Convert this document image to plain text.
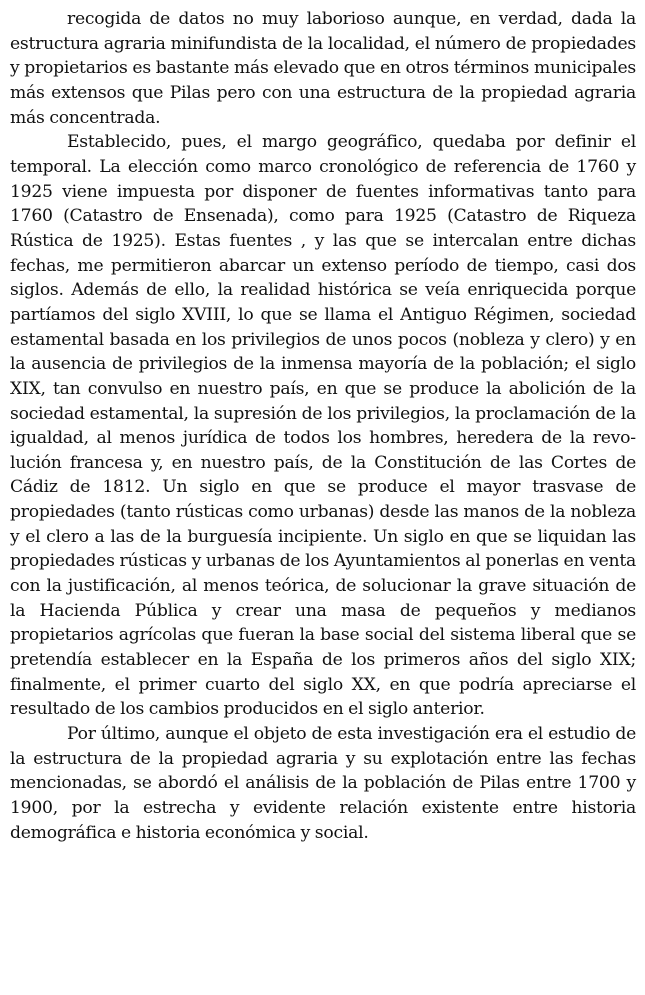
recogida de datos no muy laborioso aunque, en verdad, dada la estructura agraria minifundista de la localidad, el número de propiedades y propietarios es bastante más elevado que en otros términos municipales más extensos que Pilas pero con una estructura de la propiedad agraria más concentrada.

Establecido, pues, el margo geográfico, quedaba por definir el temporal. La elección como marco cronológico de referencia de 1760 y 1925 viene impuesta por disponer de fuentes informativas tanto para 1760 (Catastro de Ensenada), como para 1925 (Catastro de Riqueza Rústica de 1925). Estas fuentes , y las que se intercalan entre dichas fechas, me permitieron abarcar un extenso período de tiempo, casi dos siglos. Además de ello, la realidad histórica se veía enriquecida porque partíamos del siglo XVIII, lo que se llama el Antiguo Régimen, sociedad estamental basada en los privilegios de unos pocos (nobleza y clero) y en la ausencia de privilegios de la inmensa mayoría de la población; el siglo XIX, tan convulso en nuestro país, en que se produce la abolición de la sociedad estamental, la supresión de los privilegios, la proclamación de la igualdad, al menos jurídica de todos los hombres, heredera de la revolución francesa y, en nuestro país, de la Constitución de las Cortes de Cádiz de 1812. Un siglo en que se produce el mayor trasvase de propiedades (tanto rústicas como urbanas) desde las manos de la nobleza y el clero a las de la burguesía incipiente. Un siglo en que se liquidan las propiedades rústicas y urbanas de los Ayuntamientos al ponerlas en venta con la justificación, al menos teórica, de solucionar la grave situación de la Hacienda Pública y crear una masa de pequeños y medianos propietarios agrícolas que fueran la base social del sistema liberal que se pretendía establecer en la España de los primeros años del siglo XIX; finalmente, el primer cuarto del siglo XX, en que podría apreciarse el resultado de los cambios producidos en el siglo anterior.

Por último, aunque el objeto de esta investigación era el estudio de la estructura de la propiedad agraria y su explotación entre las fechas mencionadas, se abordó el análisis de la población de Pilas entre 1700 y 1900, por la estrecha y evidente relación existente entre historia demográfica e historia económica y social.
